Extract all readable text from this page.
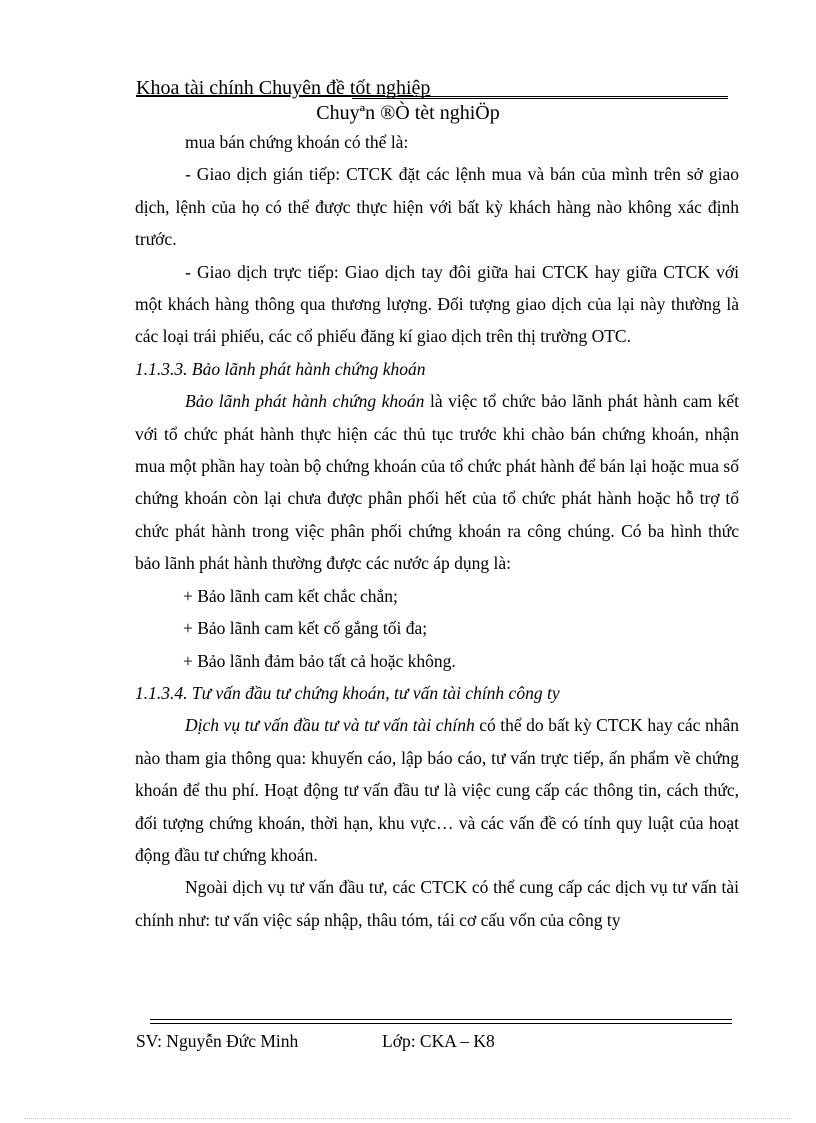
Khoa tài chính Chuyên đề tốt nghiệp
Chuyªn ®Ò tèt nghiÖp

mua bán chứng khoán có thể là:

- Giao dịch gián tiếp: CTCK đặt các lệnh mua và bán của mình trên sở giao dịch, lệnh của họ có thể được thực hiện với bất kỳ khách hàng nào không xác định trước.

- Giao dịch trực tiếp: Giao dịch tay đôi giữa hai CTCK hay giữa CTCK với một khách hàng thông qua thương lượng. Đối tượng giao dịch của lại này thường là các loại trái phiếu, các cổ phiếu đăng kí giao dịch trên thị trường OTC.

1.1.3.3. Bảo lãnh phát hành chứng khoán

Bảo lãnh phát hành chứng khoán là việc tổ chức bảo lãnh phát hành cam kết với tổ chức phát hành thực hiện các thủ tục trước khi chào bán chứng khoán, nhận mua một phần hay toàn bộ chứng khoán của tổ chức phát hành để bán lại hoặc mua số chứng khoán còn lại chưa được phân phối hết của tổ chức phát hành hoặc hỗ trợ tổ chức phát hành trong việc phân phối chứng khoán ra công chúng. Có ba hình thức bảo lãnh phát hành thường được các nước áp dụng là:

+ Bảo lãnh cam kết chắc chắn;

+ Bảo lãnh cam kết cố gắng tối đa;

+ Bảo lãnh đảm bảo tất cả hoặc không.

1.1.3.4. Tư vấn đầu tư chứng khoán, tư vấn tài chính công ty

Dịch vụ tư vấn đầu tư và tư vấn tài chính có thể do bất kỳ CTCK hay các nhân nào tham gia thông qua: khuyến cáo, lập báo cáo, tư vấn trực tiếp, ấn phẩm về chứng khoán để thu phí. Hoạt động tư vấn đầu tư là việc cung cấp các thông tin, cách thức, đối tượng chứng khoán, thời hạn, khu vực… và các vấn đề có tính quy luật của hoạt động đầu tư chứng khoán.

Ngoài dịch vụ tư vấn đầu tư, các CTCK có thể cung cấp các dịch vụ tư vấn tài chính như: tư vấn việc sáp nhập, thâu tóm, tái cơ cấu vốn của công ty

SV: Nguyễn Đức Minh	Lớp: CKA – K8
